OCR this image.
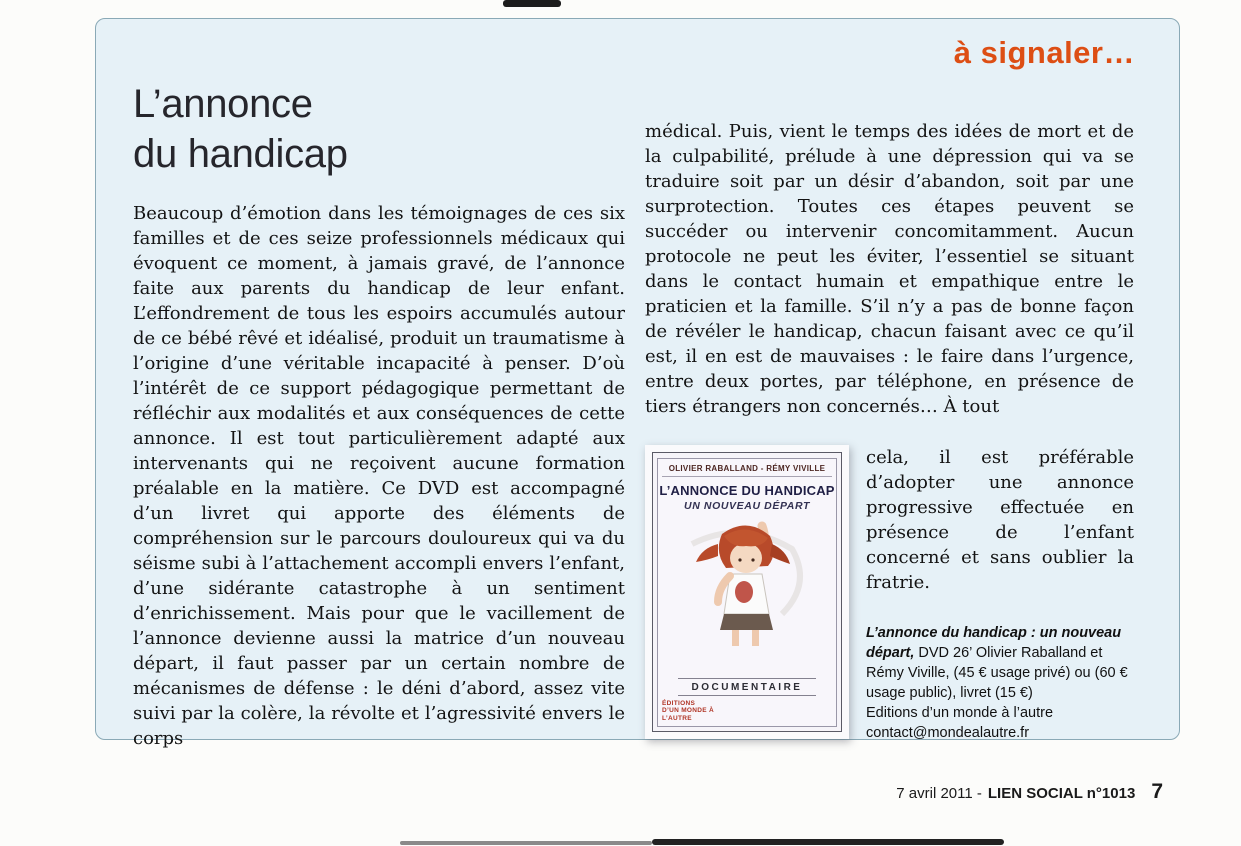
à signaler…
L’annonce
du handicap

Beaucoup d’émotion dans les témoignages de ces six familles et de ces seize professionnels médicaux qui évoquent ce moment, à jamais gravé, de l’annonce faite aux parents du handicap de leur enfant. L’effondrement de tous les espoirs accumulés autour de ce bébé rêvé et idéalisé, produit un traumatisme à l’origine d’une véritable incapacité à penser. D’où l’intérêt de ce support pédagogique permettant de réfléchir aux modalités et aux conséquences de cette annonce. Il est tout particulièrement adapté aux intervenants qui ne reçoivent aucune formation préalable en la matière. Ce DVD est accompagné d’un livret qui apporte des éléments de compréhension sur le parcours douloureux qui va du séisme subi à l’attachement accompli envers l’enfant, d’une sidérante catastrophe à un sentiment d’enrichissement. Mais pour que le vacillement de l’annonce devienne aussi la matrice d’un nouveau départ, il faut passer par un certain nombre de mécanismes de défense : le déni d’abord, assez vite suivi par la colère, la révolte et l’agressivité envers le corps

médical. Puis, vient le temps des idées de mort et de la culpabilité, prélude à une dépression qui va se traduire soit par un désir d’abandon, soit par une surprotection. Toutes ces étapes peuvent se succéder ou intervenir concomitamment. Aucun protocole ne peut les éviter, l’essentiel se situant dans le contact humain et empathique entre le praticien et la famille. S’il n’y a pas de bonne façon de révéler le handicap, chacun faisant avec ce qu’il est, il en est de mauvaises : le faire dans l’urgence, entre deux portes, par téléphone, en présence de tiers étrangers non concernés… À tout

OLIVIER RABALLAND - RÉMY VIVILLE
L’ANNONCE DU HANDICAP
UN NOUVEAU DÉPART
DOCUMENTAIRE
ÉDITIONS D’UN MONDE À L’AUTRE

cela, il est préférable d’adopter une annonce progressive effectuée en présence de l’enfant concerné et sans oublier la fratrie.

L’annonce du handicap : un nouveau départ, DVD 26’ Olivier Raballand et Rémy Viville, (45 € usage privé) ou (60 € usage public), livret (15 €)
Editions d’un monde à l’autre
contact@mondealautre.fr

7 avril 2011 - LIEN SOCIAL n°1013 7
